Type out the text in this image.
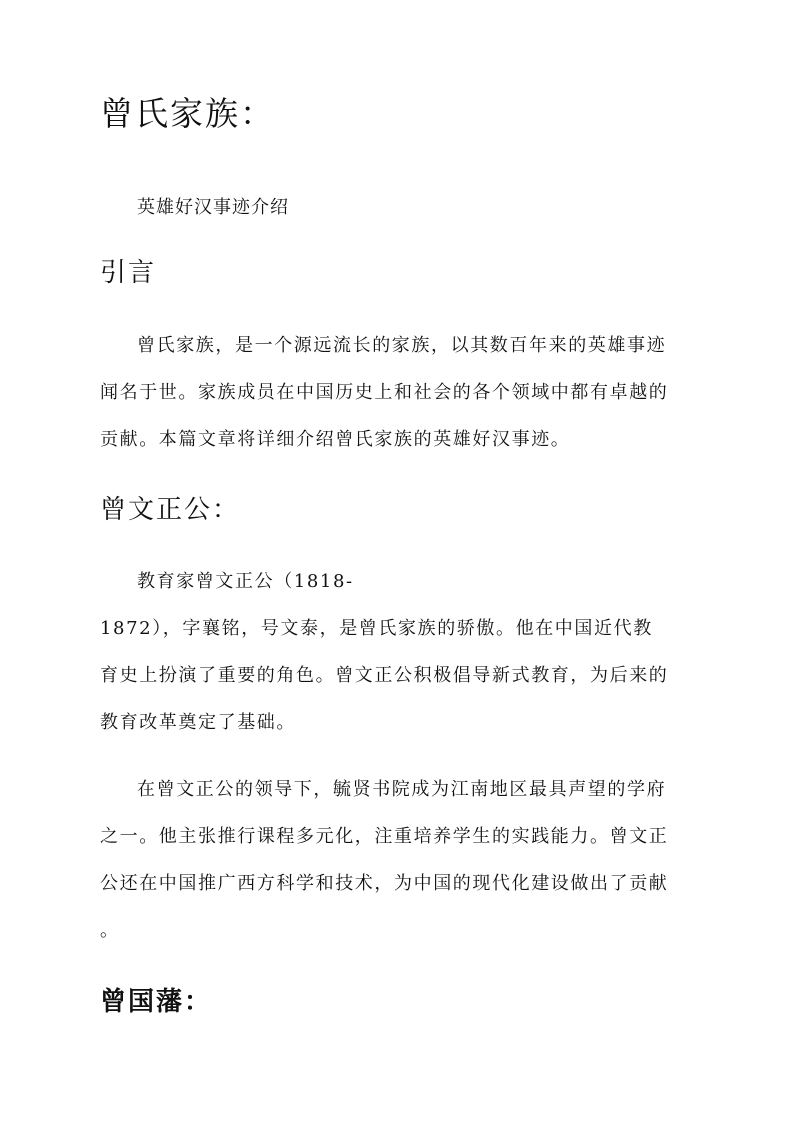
曾氏家族：

英雄好汉事迹介绍

引言
曾氏家族，是一个源远流长的家族，以其数百年来的英雄事迹
闻名于世。家族成员在中国历史上和社会的各个领域中都有卓越的
贡献。本篇文章将详细介绍曾氏家族的英雄好汉事迹。
曾文正公：
教育家曾文正公（1818-
1872），字襄铭，号文泰，是曾氏家族的骄傲。他在中国近代教
育史上扮演了重要的角色。曾文正公积极倡导新式教育，为后来的
教育改革奠定了基础。
在曾文正公的领导下，毓贤书院成为江南地区最具声望的学府
之一。他主张推行课程多元化，注重培养学生的实践能力。曾文正
公还在中国推广西方科学和技术，为中国的现代化建设做出了贡献
。
曾国藩：
